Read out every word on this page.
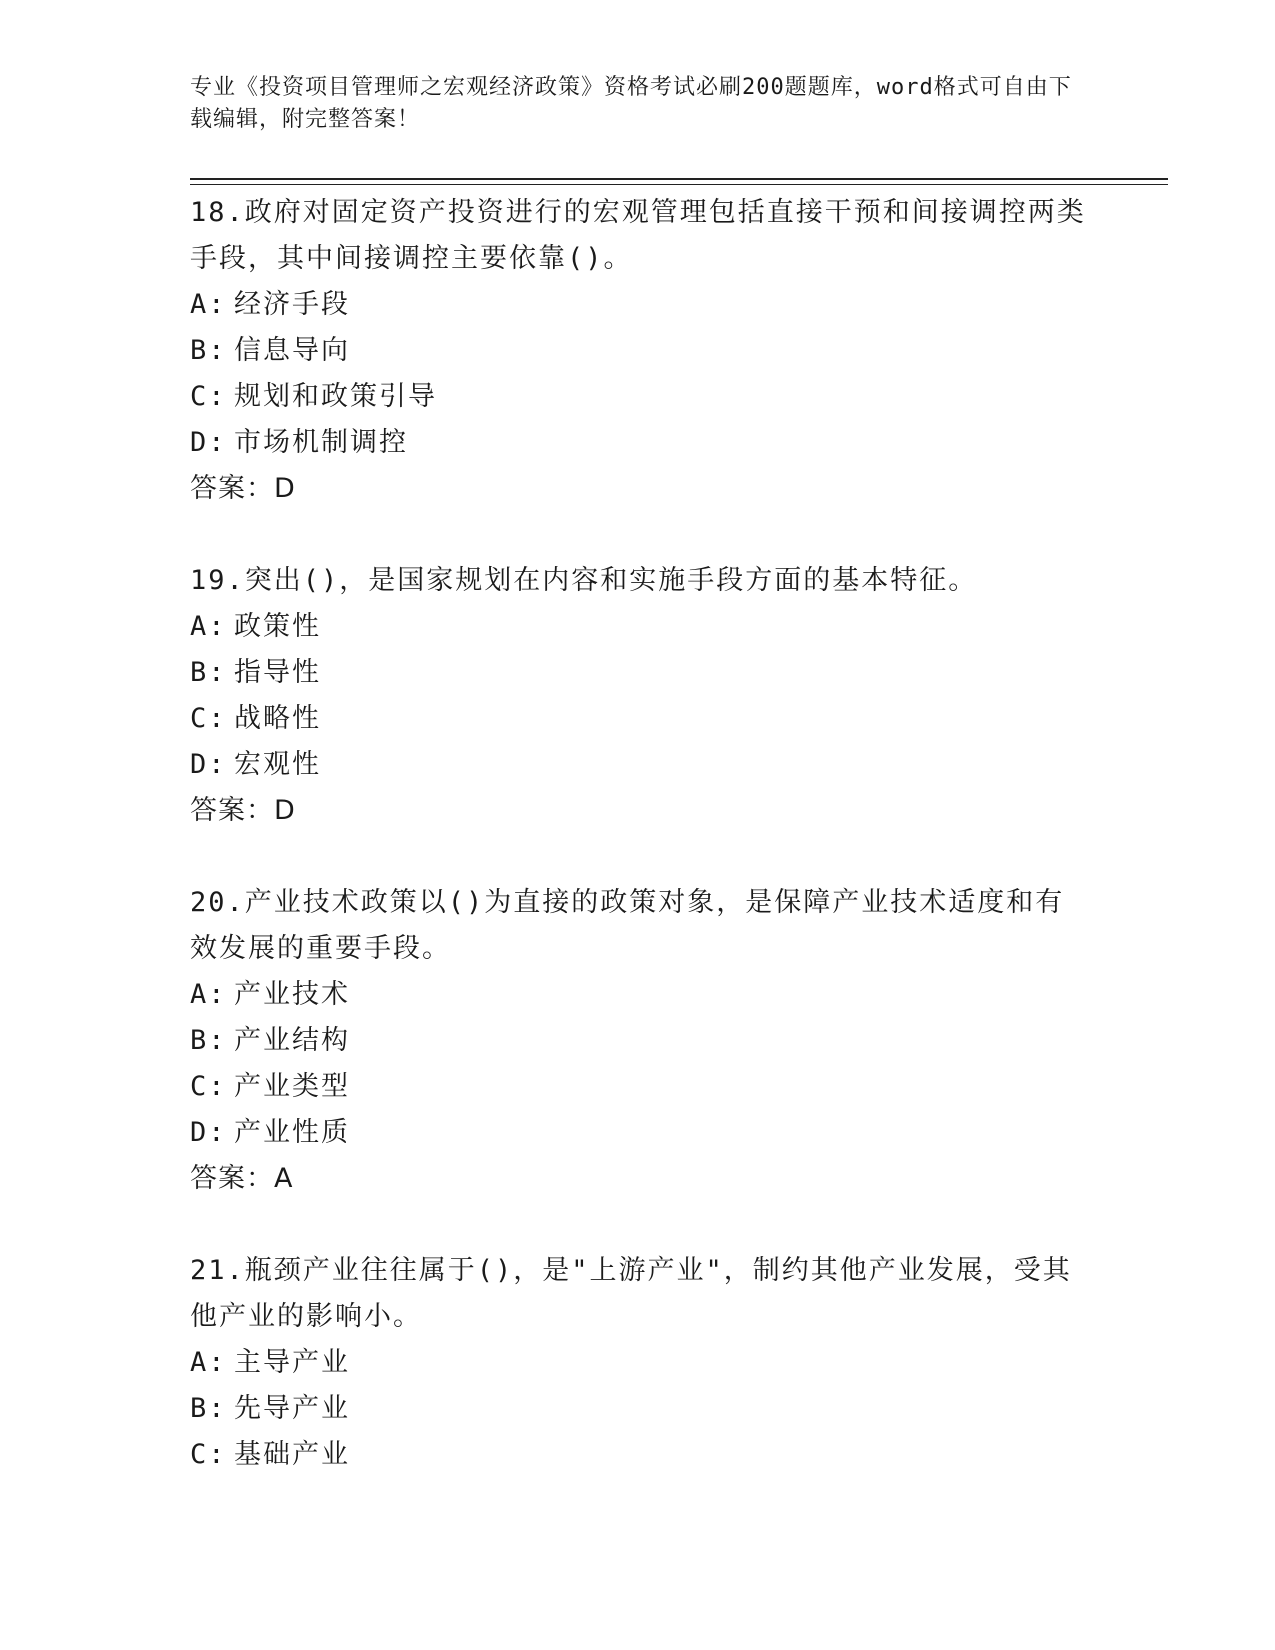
专业《投资项目管理师之宏观经济政策》资格考试必刷200题题库，word格式可自由下载编辑，附完整答案！

18.政府对固定资产投资进行的宏观管理包括直接干预和间接调控两类手段，其中间接调控主要依靠()。

A: 经济手段

B: 信息导向

C: 规划和政策引导

D: 市场机制调控

答案：D

19.突出()，是国家规划在内容和实施手段方面的基本特征。

A: 政策性

B: 指导性

C: 战略性

D: 宏观性

答案：D

20.产业技术政策以()为直接的政策对象，是保障产业技术适度和有效发展的重要手段。

A: 产业技术

B: 产业结构

C: 产业类型

D: 产业性质

答案：A

21.瓶颈产业往往属于()，是"上游产业"，制约其他产业发展，受其他产业的影响小。

A: 主导产业

B: 先导产业

C: 基础产业
